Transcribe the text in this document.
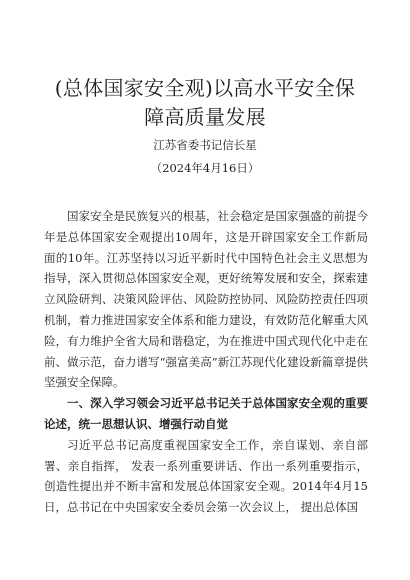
(总体国家安全观)以高水平安全保障高质量发展
江苏省委书记信长星
（2024年4月16日）

国家安全是民族复兴的根基，社会稳定是国家强盛的前提今年是总体国家安全观提出10周年，这是开辟国家安全工作新局面的10年。江苏坚持以习近平新时代中国特色社会主义思想为指导，深入贯彻总体国家安全观，更好统筹发展和安全，探索建立风险研判、决策风险评估、风险防控协同、风险防控责任四项机制，着力推进国家安全体系和能力建设，有效防范化解重大风险，有力维护全省大局和谐稳定，为在推进中国式现代化中走在前、做示范，奋力谱写“强富美高”新江苏现代化建设新篇章提供坚强安全保障。

一、深入学习领会习近平总书记关于总体国家安全观的重要论述，统一思想认识、增强行动自觉

习近平总书记高度重视国家安全工作，亲自谋划、亲自部署、亲自指挥， 发表一系列重要讲话、作出一系列重要指示，创造性提出并不断丰富和发展总体国家安全观。2014年4月15日，总书记在中央国家安全委员会第一次会议上， 提出总体国
